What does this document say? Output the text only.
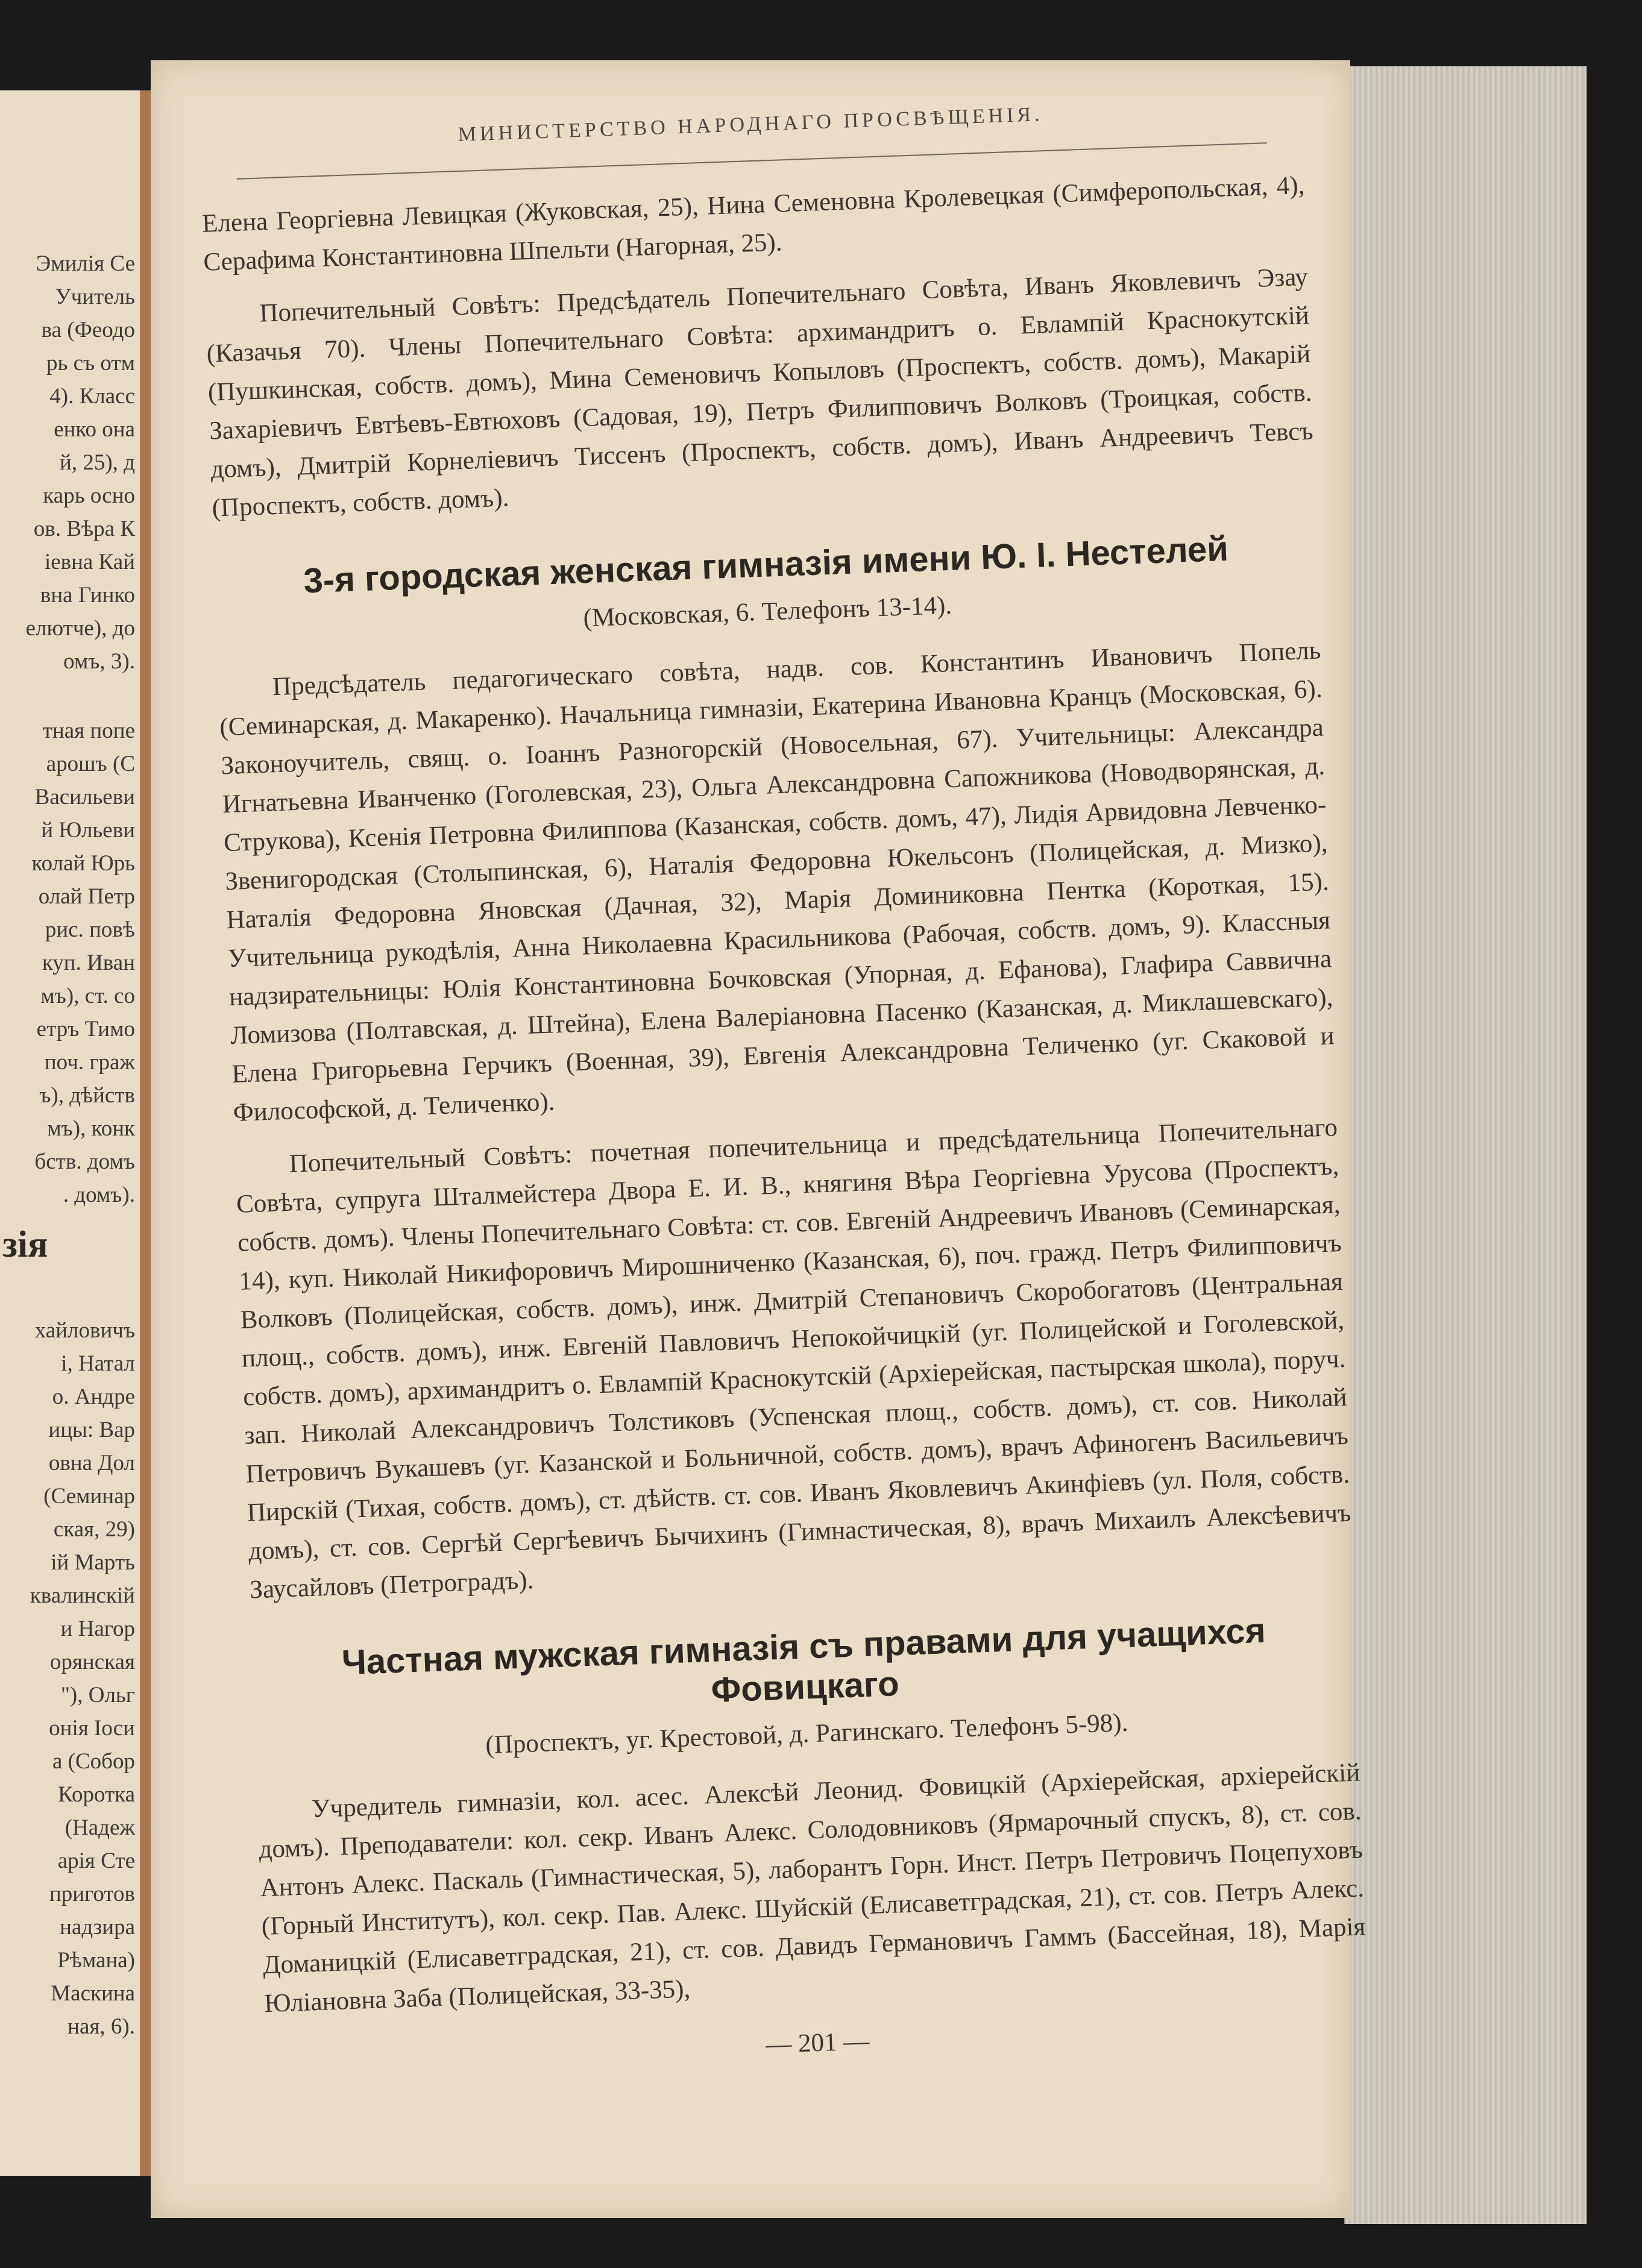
Эмилія Се
Учитель
ва (Феодо
рь съ отм
4). Класс
енко она
й, 25), д
карь осно
ов. Вѣра К
іевна Кай
вна Гинко
елютче), до
омъ, 3).
тная попе
арошъ (С
Васильеви
й Юльеви
колай Юрь
олай Петр
рис. повѣ
куп. Иван
мъ), ст. со
етръ Тимо
поч. граж
ъ), дѣйств
мъ), конк
бств. домъ
. домъ).
зія
хайловичъ
і, Натал
о. Андре
ицы: Вар
овна Дол
(Семинар
ская, 29)
ій Марть
квалинскій
и Нагор
орянская
"), Ольг
онія Іоси
а (Собор
Коротка
(Надеж
арія Сте
приготов
надзира
Рѣмана)
Маскина
ная, 6).
МИНИСТЕРСТВО НАРОДНАГО ПРОСВѢЩЕНІЯ.

Елена Георгіевна Левицкая (Жуковская, 25), Нина Семеновна Кролевецкая (Симферопольская, 4), Серафима Константиновна Шпельти (Нагорная, 25).

Попечительный Совѣтъ: Предсѣдатель Попечительнаго Совѣта, Иванъ Яковлевичъ Эзау (Казачья 70). Члены Попечительнаго Совѣта: архимандритъ о. Евлампій Краснокутскій (Пушкинская, собств. домъ), Мина Семеновичъ Копыловъ (Проспектъ, собств. домъ), Макарій Захаріевичъ Евтѣевъ-Евтюховъ (Садовая, 19), Петръ Филипповичъ Волковъ (Троицкая, собств. домъ), Дмитрій Корнеліевичъ Тиссенъ (Проспектъ, собств. домъ), Иванъ Андреевичъ Тевсъ (Проспектъ, собств. домъ).

3-я городская женская гимназія имени Ю. І. Нестелей
(Московская, 6. Телефонъ 13-14).

Предсѣдатель педагогическаго совѣта, надв. сов. Константинъ Ивановичъ Попель (Семинарская, д. Макаренко). Начальница гимназіи, Екатерина Ивановна Кранцъ (Московская, 6). Законоучитель, свящ. о. Іоаннъ Разногорскій (Новосельная, 67). Учительницы: Александра Игнатьевна Иванченко (Гоголевская, 23), Ольга Александровна Сапожникова (Новодворянская, д. Струкова), Ксенія Петровна Филиппова (Казанская, собств. домъ, 47), Лидія Арвидовна Левченко-Звенигородская (Столыпинская, 6), Наталія Федоровна Юкельсонъ (Полицейская, д. Мизко), Наталія Федоровна Яновская (Дачная, 32), Марія Доминиковна Пентка (Короткая, 15). Учительница рукодѣлія, Анна Николаевна Красильникова (Рабочая, собств. домъ, 9). Классныя надзирательницы: Юлія Константиновна Бочковская (Упорная, д. Ефанова), Глафира Саввична Ломизова (Полтавская, д. Штейна), Елена Валеріановна Пасенко (Казанская, д. Миклашевскаго), Елена Григорьевна Герчикъ (Военная, 39), Евгенія Александровна Теличенко (уг. Скаковой и Философской, д. Теличенко).

Попечительный Совѣтъ: почетная попечительница и предсѣдательница Попечительнаго Совѣта, супруга Шталмейстера Двора Е. И. В., княгиня Вѣра Георгіевна Урусова (Проспектъ, собств. домъ). Члены Попечительнаго Совѣта: ст. сов. Евгеній Андреевичъ Ивановъ (Семинарская, 14), куп. Николай Никифоровичъ Мирошниченко (Казанская, 6), поч. гражд. Петръ Филипповичъ Волковъ (Полицейская, собств. домъ), инж. Дмитрій Степановичъ Скоробогатовъ (Центральная площ., собств. домъ), инж. Евгеній Павловичъ Непокойчицкій (уг. Полицейской и Гоголевской, собств. домъ), архимандритъ о. Евлампій Краснокутскій (Архіерейская, пастырская школа), поруч. зап. Николай Александровичъ Толстиковъ (Успенская площ., собств. домъ), ст. сов. Николай Петровичъ Вукашевъ (уг. Казанской и Больничной, собств. домъ), врачъ Афиногенъ Васильевичъ Пирскій (Тихая, собств. домъ), ст. дѣйств. ст. сов. Иванъ Яковлевичъ Акинфіевъ (ул. Поля, собств. домъ), ст. сов. Сергѣй Сергѣевичъ Бычихинъ (Гимнастическая, 8), врачъ Михаилъ Алексѣевичъ Заусайловъ (Петроградъ).

Частная мужская гимназія съ правами для учащихся Фовицкаго
(Проспектъ, уг. Крестовой, д. Рагинскаго. Телефонъ 5-98).

Учредитель гимназіи, кол. асес. Алексѣй Леонид. Фовицкій (Архіерейская, архіерейскій домъ). Преподаватели: кол. секр. Иванъ Алекс. Солодовниковъ (Ярмарочный спускъ, 8), ст. сов. Антонъ Алекс. Паскаль (Гимнастическая, 5), лаборантъ Горн. Инст. Петръ Петровичъ Поцепуховъ (Горный Институтъ), кол. секр. Пав. Алекс. Шуйскій (Елисаветградская, 21), ст. сов. Петръ Алекс. Доманицкій (Елисаветградская, 21), ст. сов. Давидъ Германовичъ Гаммъ (Бассейная, 18), Марія Юліановна Заба (Полицейская, 33-35),

— 201 —
